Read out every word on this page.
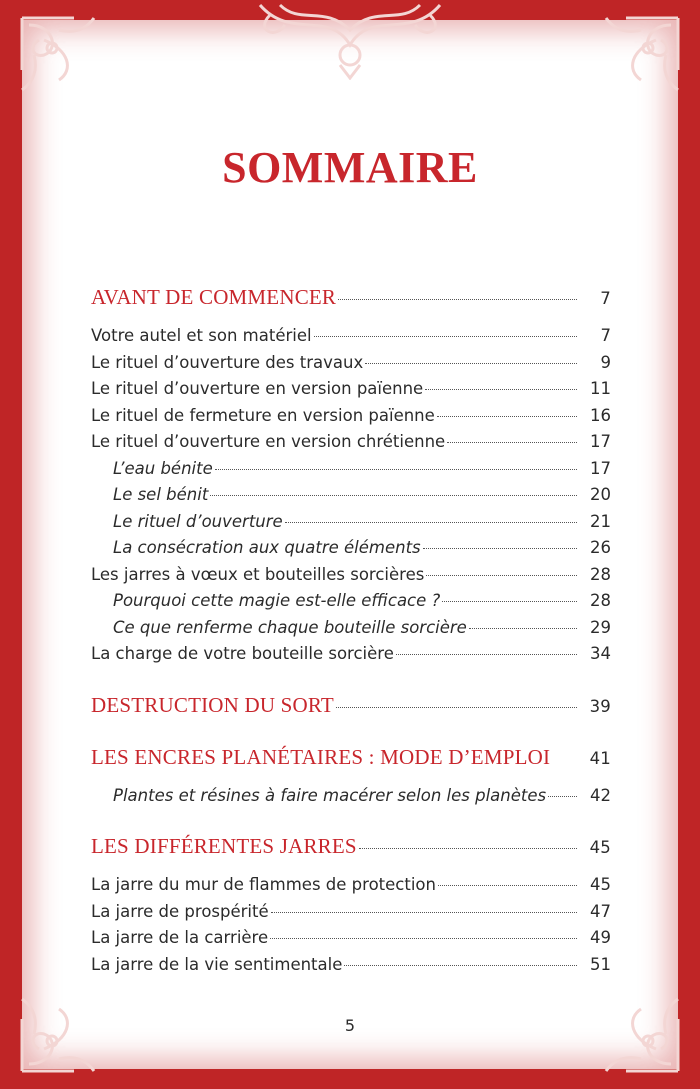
SOMMAIRE
AVANT DE COMMENCER	7
Votre autel et son matériel	7
Le rituel d’ouverture des travaux	9
Le rituel d’ouverture en version païenne	11
Le rituel de fermeture en version païenne	16
Le rituel d’ouverture en version chrétienne	17
L’eau bénite	17
Le sel bénit	20
Le rituel d’ouverture	21
La consécration aux quatre éléments	26
Les jarres à vœux et bouteilles sorcières	28
Pourquoi cette magie est-elle efficace ?	28
Ce que renferme chaque bouteille sorcière	29
La charge de votre bouteille sorcière	34
DESTRUCTION DU SORT	39
LES ENCRES PLANÉTAIRES : MODE D’EMPLOI	41
Plantes et résines à faire macérer selon les planètes	42
LES DIFFÉRENTES JARRES	45
La jarre du mur de flammes de protection	45
La jarre de prospérité	47
La jarre de la carrière	49
La jarre de la vie sentimentale	51
5
